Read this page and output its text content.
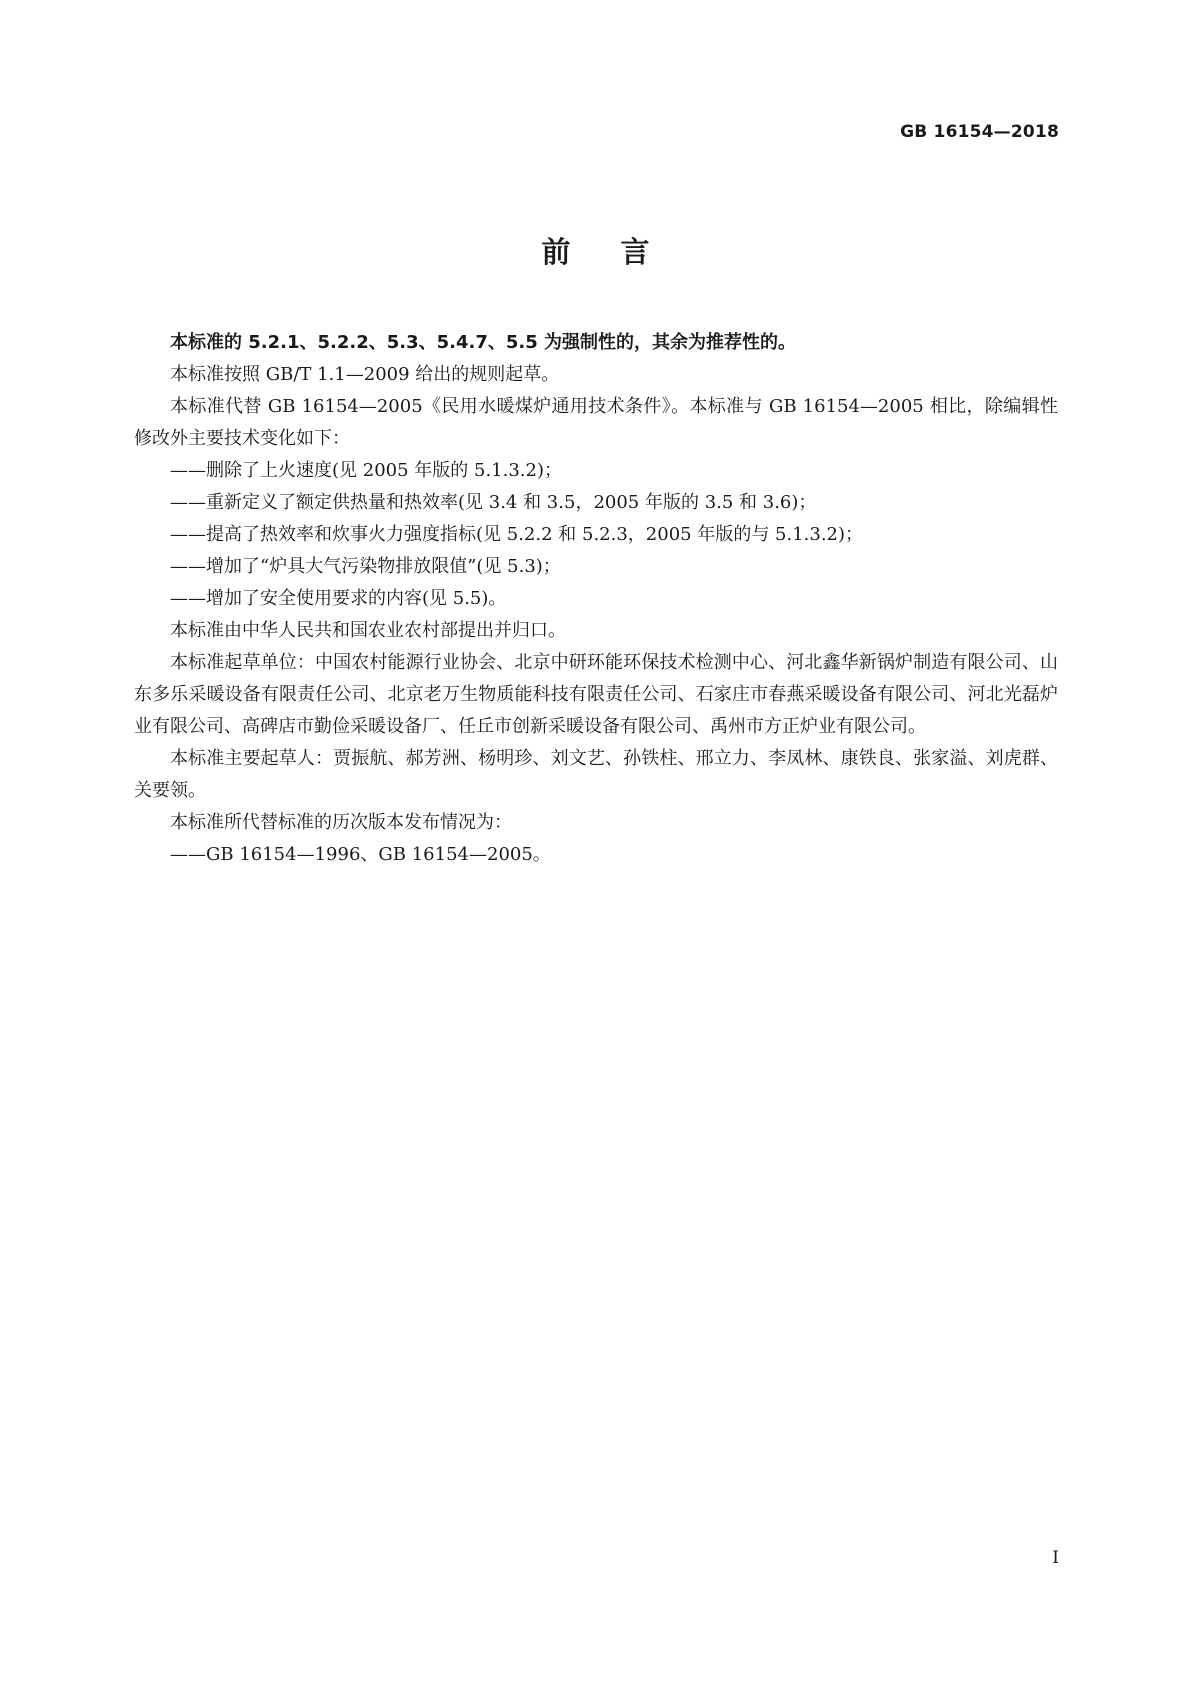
GB 16154—2018
前言

本标准的 5.2.1、5.2.2、5.3、5.4.7、5.5 为强制性的，其余为推荐性的。

本标准按照 GB/T 1.1—2009 给出的规则起草。

本标准代替 GB 16154—2005《民用水暖煤炉通用技术条件》。本标准与 GB 16154—2005 相比，除编辑性修改外主要技术变化如下：

——删除了上火速度(见 2005 年版的 5.1.3.2)；

——重新定义了额定供热量和热效率(见 3.4 和 3.5，2005 年版的 3.5 和 3.6)；

——提高了热效率和炊事火力强度指标(见 5.2.2 和 5.2.3，2005 年版的与 5.1.3.2)；

——增加了“炉具大气污染物排放限值”(见 5.3)；

——增加了安全使用要求的内容(见 5.5)。

本标准由中华人民共和国农业农村部提出并归口。

本标准起草单位：中国农村能源行业协会、北京中研环能环保技术检测中心、河北鑫华新锅炉制造有限公司、山东多乐采暖设备有限责任公司、北京老万生物质能科技有限责任公司、石家庄市春燕采暖设备有限公司、河北光磊炉业有限公司、高碑店市勤俭采暖设备厂、任丘市创新采暖设备有限公司、禹州市方正炉业有限公司。

本标准主要起草人：贾振航、郝芳洲、杨明珍、刘文艺、孙铁柱、邢立力、李凤林、康铁良、张家溢、刘虎群、关要领。

本标准所代替标准的历次版本发布情况为：

——GB 16154—1996、GB 16154—2005。

I
